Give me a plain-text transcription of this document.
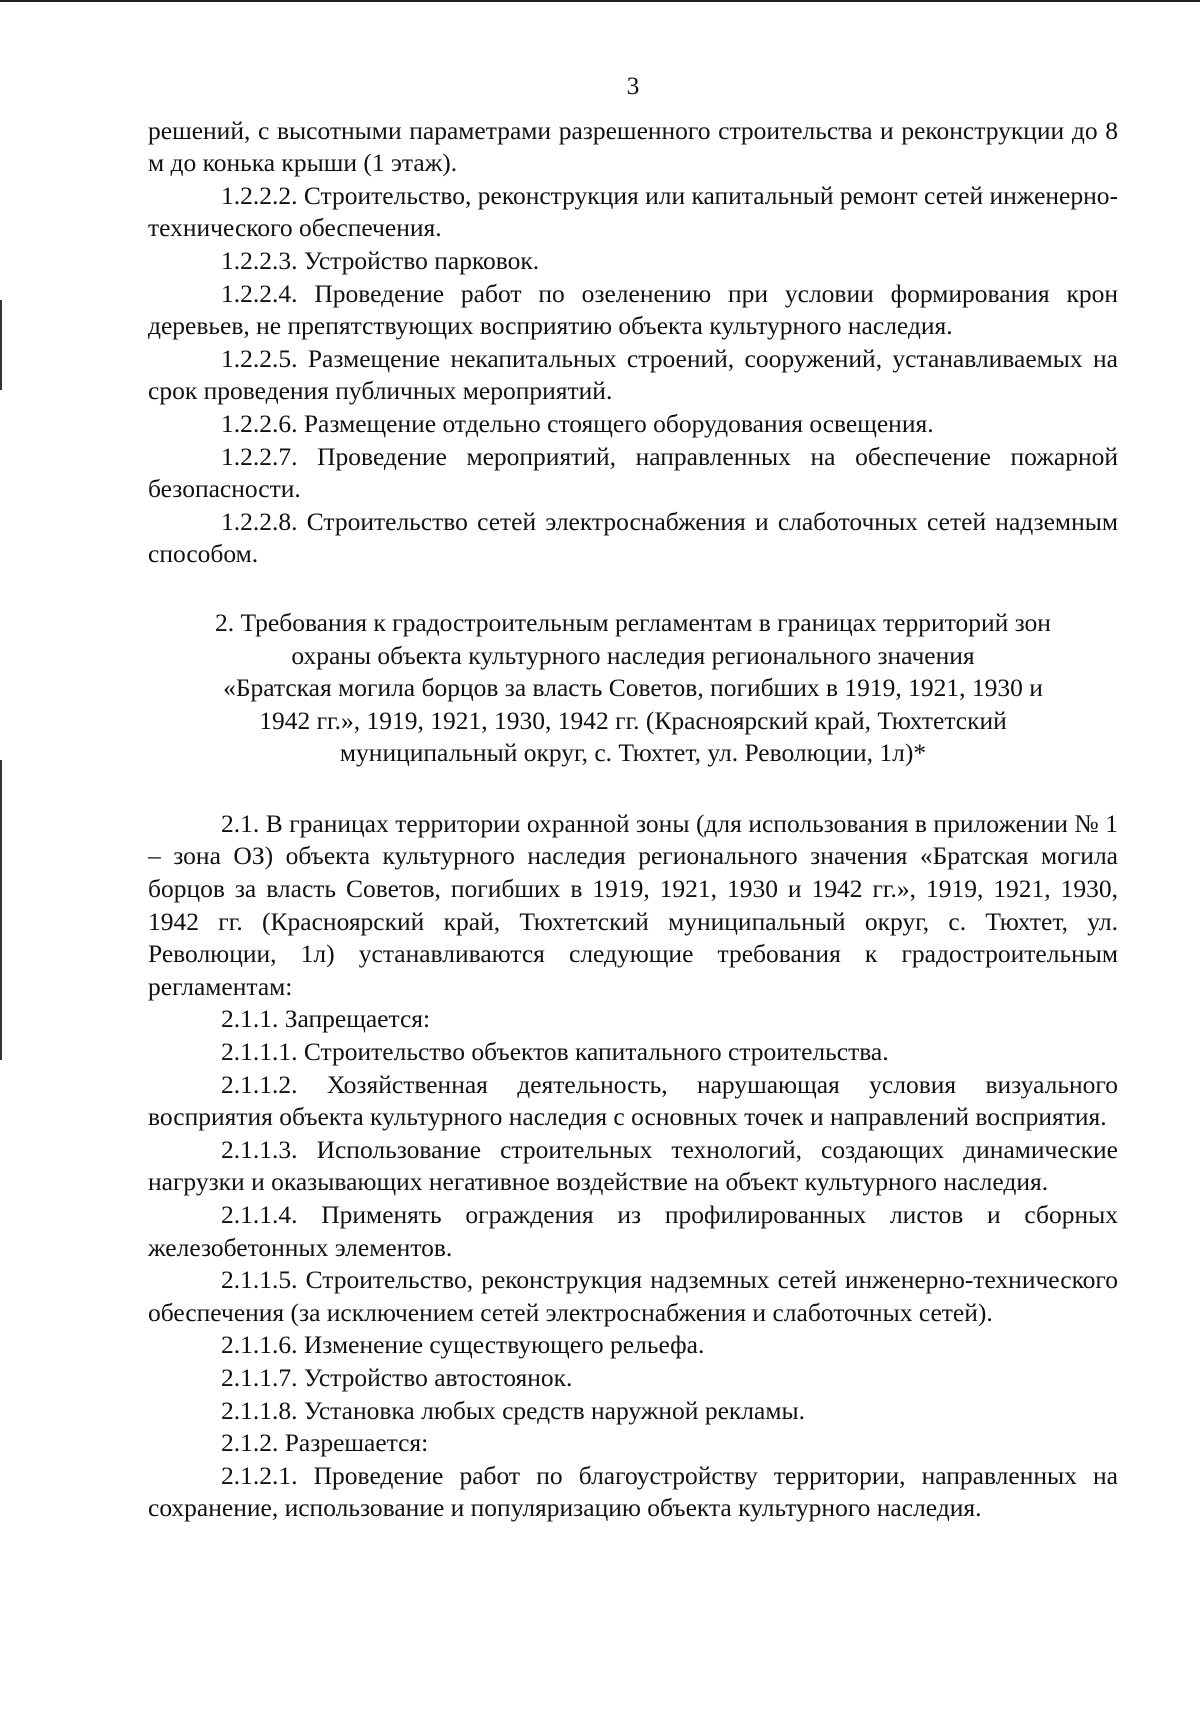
3

решений, с высотными параметрами разрешенного строительства и реконструкции до 8 м до конька крыши (1 этаж).

1.2.2.2. Строительство, реконструкция или капитальный ремонт сетей инженерно-технического обеспечения.

1.2.2.3. Устройство парковок.

1.2.2.4. Проведение работ по озеленению при условии формирования крон деревьев, не препятствующих восприятию объекта культурного наследия.

1.2.2.5. Размещение некапитальных строений, сооружений, устанавливаемых на срок проведения публичных мероприятий.

1.2.2.6. Размещение отдельно стоящего оборудования освещения.

1.2.2.7. Проведение мероприятий, направленных на обеспечение пожарной безопасности.

1.2.2.8. Строительство сетей электроснабжения и слаботочных сетей надземным способом.

2. Требования к градостроительным регламентам в границах территорий зон
охраны объекта культурного наследия регионального значения
«Братская могила борцов за власть Советов, погибших в 1919, 1921, 1930 и
1942 гг.», 1919, 1921, 1930, 1942 гг. (Красноярский край, Тюхтетский
муниципальный округ, с. Тюхтет, ул. Революции, 1л)*

2.1. В границах территории охранной зоны (для использования в приложении № 1 – зона ОЗ) объекта культурного наследия регионального значения «Братская могила борцов за власть Советов, погибших в 1919, 1921, 1930 и 1942 гг.», 1919, 1921, 1930, 1942 гг. (Красноярский край, Тюхтетский муниципальный округ, с. Тюхтет, ул. Революции, 1л) устанавливаются следующие требования к градостроительным регламентам:

2.1.1. Запрещается:

2.1.1.1. Строительство объектов капитального строительства.

2.1.1.2. Хозяйственная деятельность, нарушающая условия визуального восприятия объекта культурного наследия с основных точек и направлений восприятия.

2.1.1.3. Использование строительных технологий, создающих динамические нагрузки и оказывающих негативное воздействие на объект культурного наследия.

2.1.1.4. Применять ограждения из профилированных листов и сборных железобетонных элементов.

2.1.1.5. Строительство, реконструкция надземных сетей инженерно-технического обеспечения (за исключением сетей электроснабжения и слаботочных сетей).

2.1.1.6. Изменение существующего рельефа.

2.1.1.7. Устройство автостоянок.

2.1.1.8. Установка любых средств наружной рекламы.

2.1.2. Разрешается:

2.1.2.1. Проведение работ по благоустройству территории, направленных на сохранение, использование и популяризацию объекта культурного наследия.
